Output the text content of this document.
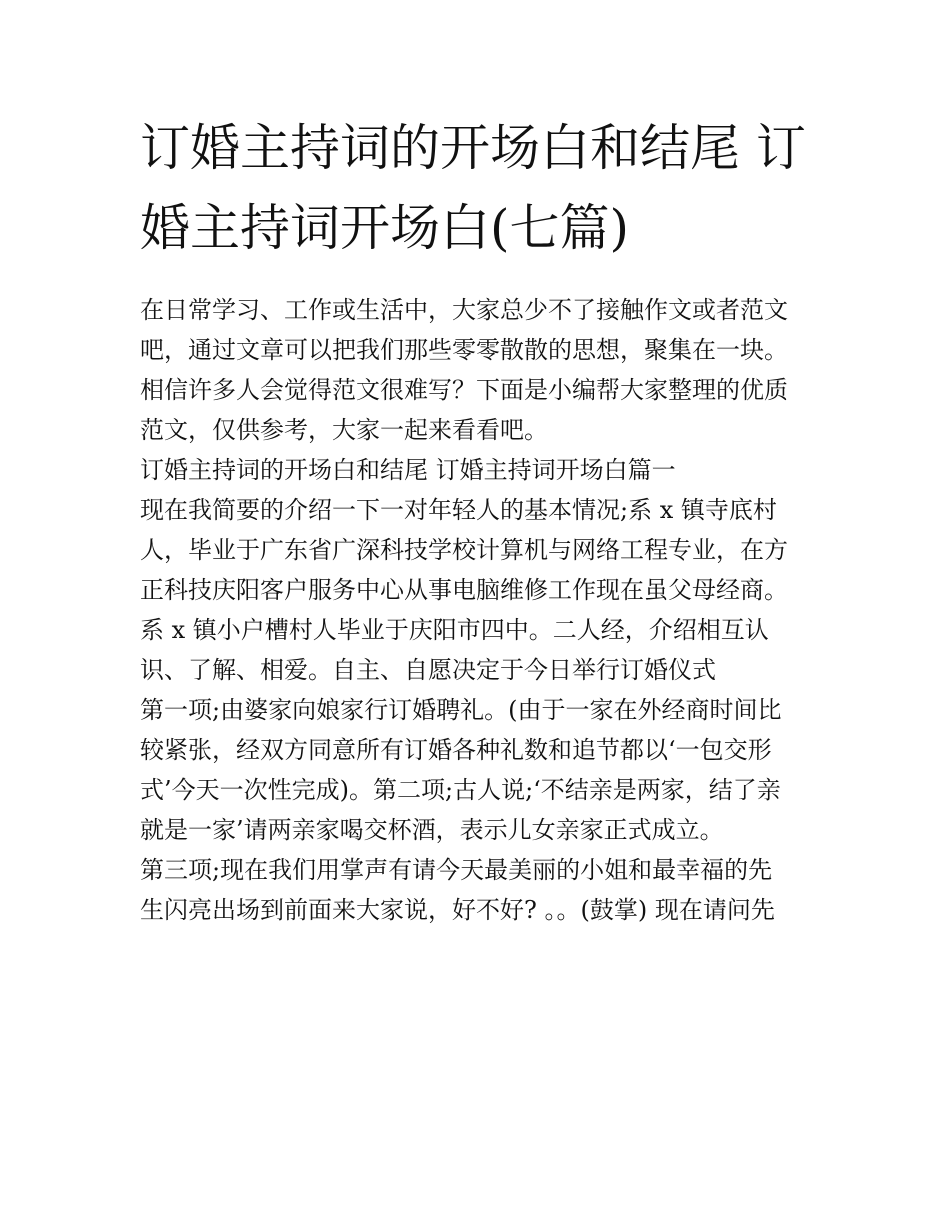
订婚主持词的开场白和结尾 订
婚主持词开场白(七篇)

在日常学习、工作或生活中，大家总少不了接触作文或者范文
吧，通过文章可以把我们那些零零散散的思想，聚集在一块。
相信许多人会觉得范文很难写？下面是小编帮大家整理的优质
范文，仅供参考，大家一起来看看吧。

订婚主持词的开场白和结尾 订婚主持词开场白篇一

现在我简要的介绍一下一对年轻人的基本情况;系 x 镇寺底村
人，毕业于广东省广深科技学校计算机与网络工程专业，在方
正科技庆阳客户服务中心从事电脑维修工作现在虽父母经商。
系 x 镇小户槽村人毕业于庆阳市四中。二人经，介绍相互认
识、了解、相爱。自主、自愿决定于今日举行订婚仪式

第一项;由婆家向娘家行订婚聘礼。(由于一家在外经商时间比
较紧张，经双方同意所有订婚各种礼数和追节都以‘一包交形
式’今天一次性完成)。第二项;古人说;‘不结亲是两家，结了亲
就是一家’请两亲家喝交杯酒，表示儿女亲家正式成立。

第三项;现在我们用掌声有请今天最美丽的小姐和最幸福的先
生闪亮出场到前面来大家说，好不好? 。。(鼓掌) 现在请问先
